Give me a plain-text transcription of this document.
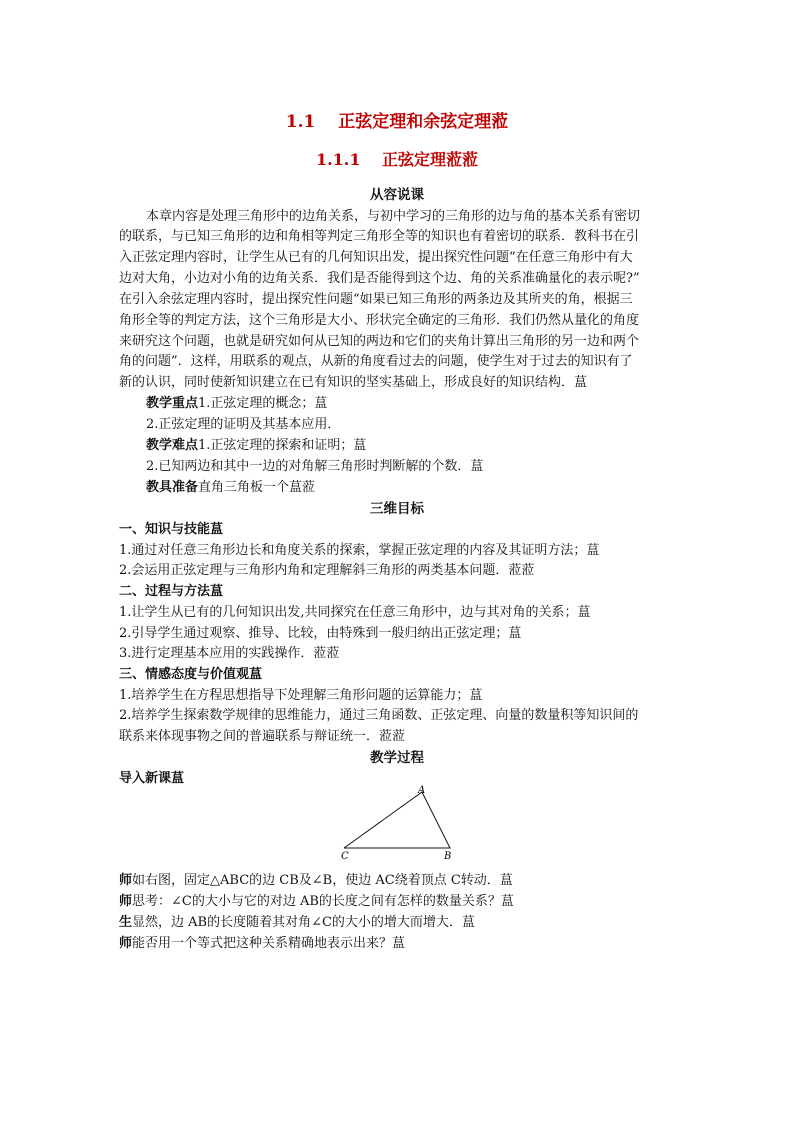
1.1　 正弦定理和余弦定理蒞
1.1.1　 正弦定理蒞蒞
从容说课
本章内容是处理三角形中的边角关系，与初中学习的三角形的边与角的基本关系有密切
的联系，与已知三角形的边和角相等判定三角形全等的知识也有着密切的联系．教科书在引
入正弦定理内容时，让学生从已有的几何知识出发，提出探究性问题“在任意三角形中有大
边对大角，小边对小角的边角关系．我们是否能得到这个边、角的关系准确量化的表示呢?”
在引入余弦定理内容时，提出探究性问题“如果已知三角形的两条边及其所夹的角，根据三
角形全等的判定方法，这个三角形是大小、形状完全确定的三角形．我们仍然从量化的角度
来研究这个问题，也就是研究如何从已知的两边和它们的夹角计算出三角形的另一边和两个
角的问题”．这样，用联系的观点，从新的角度看过去的问题，使学生对于过去的知识有了
新的认识，同时使新知识建立在已有知识的坚实基础上，形成良好的知识结构．蒀
教学重点1.正弦定理的概念；蒀
2.正弦定理的证明及其基本应用．
教学难点1.正弦定理的探索和证明；蒀
2.已知两边和其中一边的对角解三角形时判断解的个数．蒀
教具准备直角三角板一个蒀蒞
三维目标
一、知识与技能蒀
1.通过对任意三角形边长和角度关系的探索，掌握正弦定理的内容及其证明方法；蒀
2.会运用正弦定理与三角形内角和定理解斜三角形的两类基本问题．蒞蒞
二、过程与方法蒀
1.让学生从已有的几何知识出发,共同探究在任意三角形中，边与其对角的关系；蒀
2.引导学生通过观察、推导、比较，由特殊到一般归纳出正弦定理；蒀
3.进行定理基本应用的实践操作．蒞蒞
三、情感态度与价值观蒀
1.培养学生在方程思想指导下处理解三角形问题的运算能力；蒀
2.培养学生探索数学规律的思维能力，通过三角函数、正弦定理、向量的数量积等知识间的
联系来体现事物之间的普遍联系与辩证统一．蒞蒞
教学过程
导入新课蒀
A
C	B
师如右图，固定△ABC的边 CB及∠B，使边 AC绕着顶点 C转动．蒀
师思考：∠C的大小与它的对边 AB的长度之间有怎样的数量关系？蒀
生显然，边 AB的长度随着其对角∠C的大小的增大而增大．蒀
师能否用一个等式把这种关系精确地表示出来？蒀
